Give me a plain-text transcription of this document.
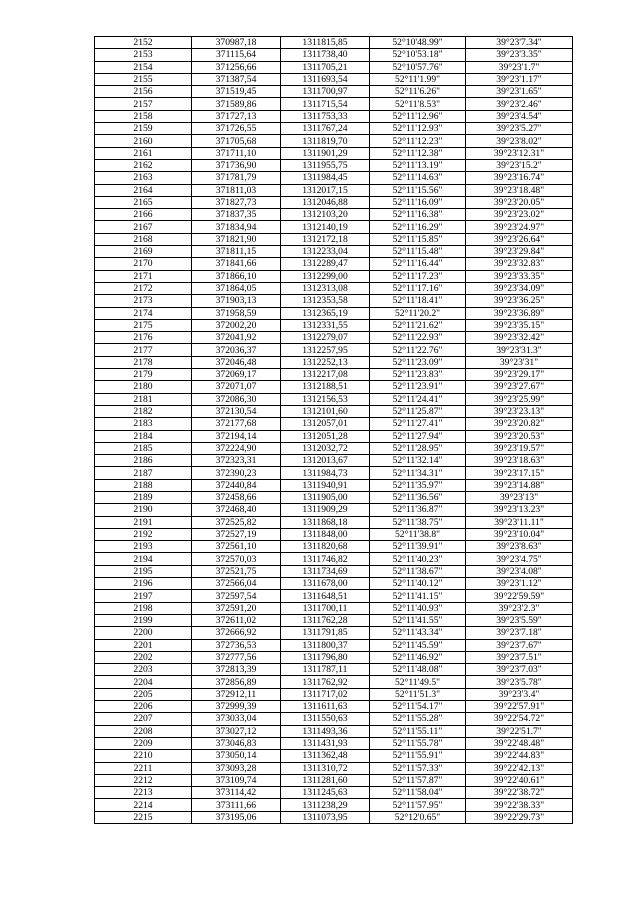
2152	370987,18	1311815,85	52°10'48.99"	39°23'7.34"
2153	371115,64	1311738,40	52°10'53.18"	39°23'3.35"
2154	371256,66	1311705,21	52°10'57.76"	39°23'1.7"
2155	371387,54	1311693,54	52°11'1.99"	39°23'1.17"
2156	371519,45	1311700,97	52°11'6.26"	39°23'1.65"
2157	371589,86	1311715,54	52°11'8.53"	39°23'2.46"
2158	371727,13	1311753,33	52°11'12.96"	39°23'4.54"
2159	371726,55	1311767,24	52°11'12.93"	39°23'5.27"
2160	371705,68	1311819,70	52°11'12.23"	39°23'8.02"
2161	371711,10	1311901,29	52°11'12.38"	39°23'12.31"
2162	371736,90	1311955,75	52°11'13.19"	39°23'15.2"
2163	371781,79	1311984,45	52°11'14.63"	39°23'16.74"
2164	371811,03	1312017,15	52°11'15.56"	39°23'18.48"
2165	371827,73	1312046,88	52°11'16.09"	39°23'20.05"
2166	371837,35	1312103,20	52°11'16.38"	39°23'23.02"
2167	371834,94	1312140,19	52°11'16.29"	39°23'24.97"
2168	371821,90	1312172,18	52°11'15.85"	39°23'26.64"
2169	371811,15	1312233,04	52°11'15.48"	39°23'29.84"
2170	371841,66	1312289,47	52°11'16.44"	39°23'32.83"
2171	371866,10	1312299,00	52°11'17.23"	39°23'33.35"
2172	371864,05	1312313,08	52°11'17.16"	39°23'34.09"
2173	371903,13	1312353,58	52°11'18.41"	39°23'36.25"
2174	371958,59	1312365,19	52°11'20.2"	39°23'36.89"
2175	372002,20	1312331,55	52°11'21.62"	39°23'35.15"
2176	372041,92	1312279,07	52°11'22.93"	39°23'32.42"
2177	372036,37	1312257,95	52°11'22.76"	39°23'31.3"
2178	372046,48	1312252,13	52°11'23.09"	39°23'31"
2179	372069,17	1312217,08	52°11'23.83"	39°23'29.17"
2180	372071,07	1312188,51	52°11'23.91"	39°23'27.67"
2181	372086,30	1312156,53	52°11'24.41"	39°23'25.99"
2182	372130,54	1312101,60	52°11'25.87"	39°23'23.13"
2183	372177,68	1312057,01	52°11'27.41"	39°23'20.82"
2184	372194,14	1312051,28	52°11'27.94"	39°23'20.53"
2185	372224,90	1312032,72	52°11'28.95"	39°23'19.57"
2186	372323,31	1312013,67	52°11'32.14"	39°23'18.63"
2187	372390,23	1311984,73	52°11'34.31"	39°23'17.15"
2188	372440,84	1311940,91	52°11'35.97"	39°23'14.88"
2189	372458,66	1311905,00	52°11'36.56"	39°23'13"
2190	372468,40	1311909,29	52°11'36.87"	39°23'13.23"
2191	372525,82	1311868,18	52°11'38.75"	39°23'11.11"
2192	372527,19	1311848,00	52°11'38.8"	39°23'10.04"
2193	372561,10	1311820,68	52°11'39.91"	39°23'8.63"
2194	372570,03	1311746,82	52°11'40.23"	39°23'4.75"
2195	372521,75	1311734,69	52°11'38.67"	39°23'4.08"
2196	372566,04	1311678,00	52°11'40.12"	39°23'1.12"
2197	372597,54	1311648,51	52°11'41.15"	39°22'59.59"
2198	372591,20	1311700,11	52°11'40.93"	39°23'2.3"
2199	372611,02	1311762,28	52°11'41.55"	39°23'5.59"
2200	372666,92	1311791,85	52°11'43.34"	39°23'7.18"
2201	372736,53	1311800,37	52°11'45.59"	39°23'7.67"
2202	372777,56	1311796,80	52°11'46.92"	39°23'7.51"
2203	372813,39	1311787,11	52°11'48.08"	39°23'7.03"
2204	372856,89	1311762,92	52°11'49.5"	39°23'5.78"
2205	372912,11	1311717,02	52°11'51.3"	39°23'3.4"
2206	372999,39	1311611,63	52°11'54.17"	39°22'57.91"
2207	373033,04	1311550,63	52°11'55.28"	39°22'54.72"
2208	373027,12	1311493,36	52°11'55.11"	39°22'51.7"
2209	373046,83	1311431,93	52°11'55.78"	39°22'48.48"
2210	373050,14	1311362,48	52°11'55.91"	39°22'44.83"
2211	373093,28	1311310,72	52°11'57.33"	39°22'42.13"
2212	373109,74	1311281,60	52°11'57.87"	39°22'40.61"
2213	373114,42	1311245,63	52°11'58.04"	39°22'38.72"
2214	373111,66	1311238,29	52°11'57.95"	39°22'38.33"
2215	373195,06	1311073,95	52°12'0.65"	39°22'29.73"
